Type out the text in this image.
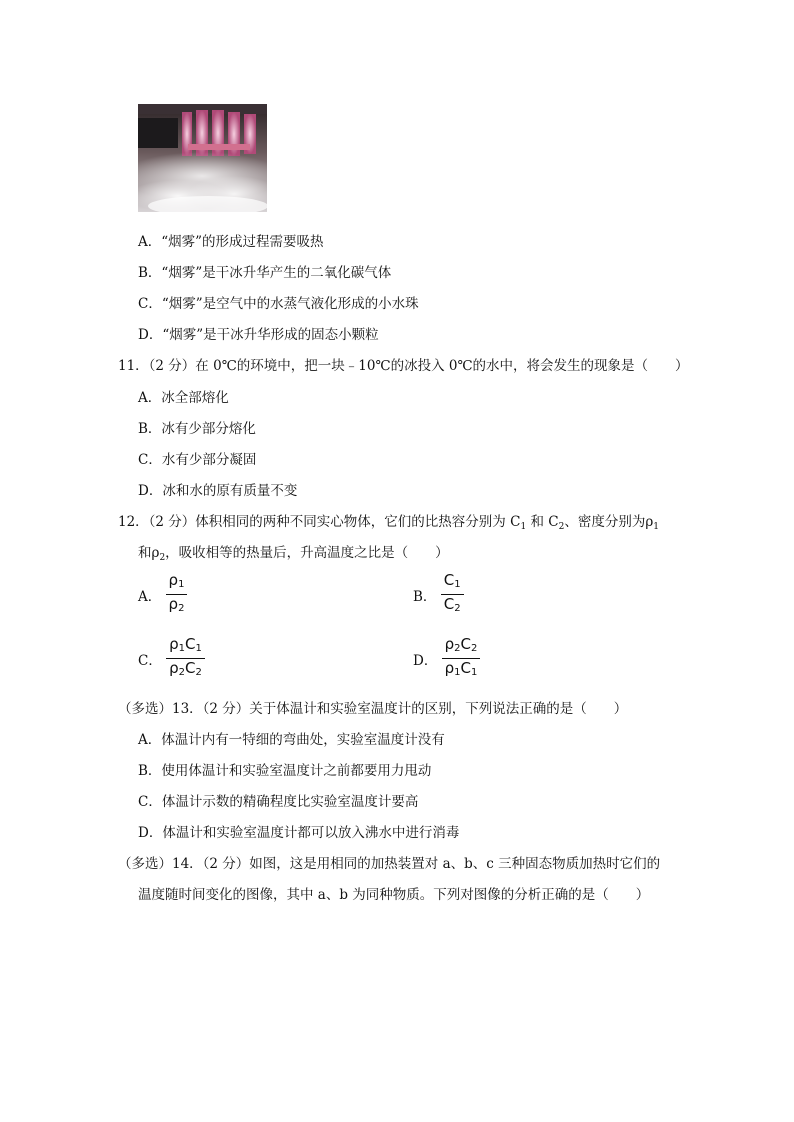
A．“烟雾”的形成过程需要吸热
B．“烟雾”是干冰升华产生的二氧化碳气体
C．“烟雾”是空气中的水蒸气液化形成的小水珠
D．“烟雾”是干冰升华形成的固态小颗粒
11．（2 分）在 0℃的环境中，把一块﹣10℃的冰投入 0℃的水中，将会发生的现象是（　　）
A．冰全部熔化
B．冰有少部分熔化
C．水有少部分凝固
D．冰和水的原有质量不变
12．（2 分）体积相同的两种不同实心物体，它们的比热容分别为 $C_1$ 和 $C_2$、密度分别为$\rho_1$
和$\rho_2$，吸收相等的热量后，升高温度之比是（　　）
A． $\frac{\rho_1}{\rho_2}$	B． $\frac{C_1}{C_2}$
C． $\frac{\rho_1C_1}{\rho_2C_2}$	D． $\frac{\rho_2C_2}{\rho_1C_1}$
（多选）13．（2 分）关于体温计和实验室温度计的区别，下列说法正确的是（　　）
A．体温计内有一特细的弯曲处，实验室温度计没有
B．使用体温计和实验室温度计之前都要用力甩动
C．体温计示数的精确程度比实验室温度计要高
D．体温计和实验室温度计都可以放入沸水中进行消毒
（多选）14．（2 分）如图，这是用相同的加热装置对 a、b、c 三种固态物质加热时它们的
温度随时间变化的图像，其中 a、b 为同种物质。下列对图像的分析正确的是（　　）
